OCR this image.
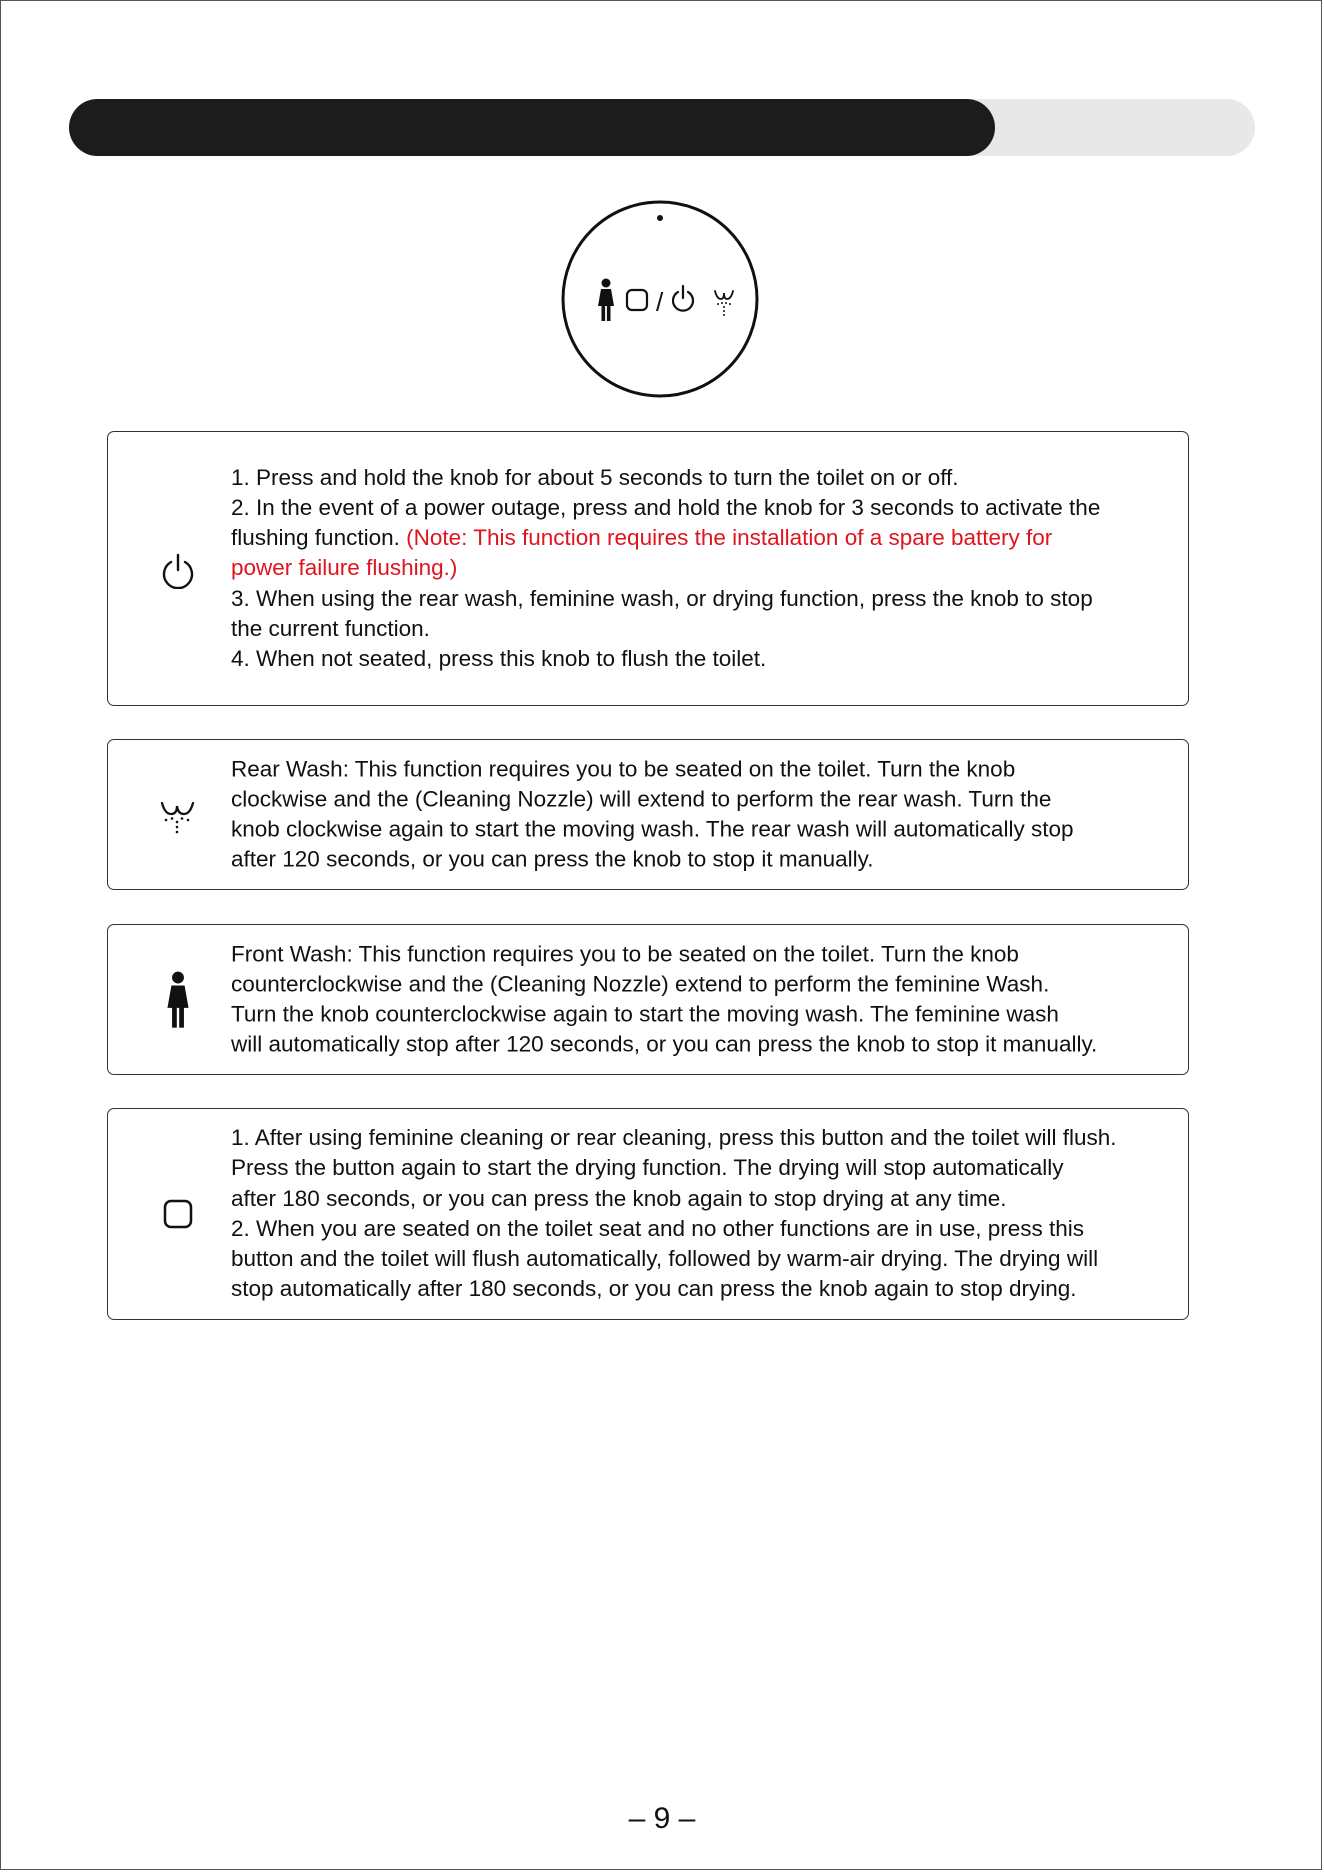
/

1. Press and hold the knob for about 5 seconds to turn the toilet on or off.

2. In the event of a power outage, press and hold the knob for 3 seconds to activate the

flushing function. (Note: This function requires the installation of a spare battery for

power failure flushing.)

3. When using the rear wash, feminine wash, or drying function, press the knob to stop

the current function.

4. When not seated, press this knob to flush the toilet.

Rear Wash: This function requires you to be seated on the toilet. Turn the knob

clockwise and the (Cleaning Nozzle) will extend to perform the rear wash. Turn the

knob clockwise again to start the moving wash. The rear wash will automatically stop

after 120 seconds, or you can press the knob to stop it manually.

Front Wash: This function requires you to be seated on the toilet. Turn the knob

counterclockwise and the (Cleaning Nozzle) extend to perform the feminine Wash.

Turn the knob counterclockwise again to start the moving wash. The feminine wash

will automatically stop after 120 seconds, or you can press the knob to stop it manually.

1. After using feminine cleaning or rear cleaning, press this button and the toilet will flush.

Press the button again to start the drying function. The drying will stop automatically

after 180 seconds, or you can press the knob again to stop drying at any time.

2. When you are seated on the toilet seat and no other functions are in use, press this

button and the toilet will flush automatically, followed by warm-air drying. The drying will

stop automatically after 180 seconds, or you can press the knob again to stop drying.

– 9 –
